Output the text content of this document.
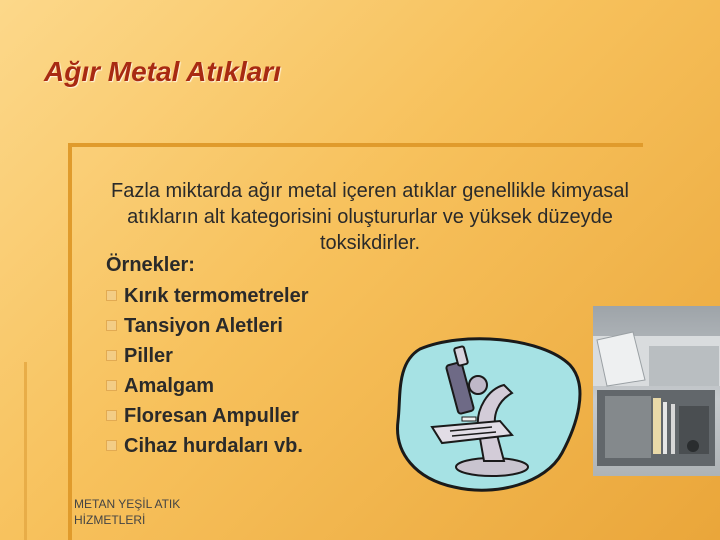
Ağır Metal Atıkları

Fazla miktarda ağır metal içeren atıklar genellikle kimyasal
atıkların alt kategorisini oluştururlar ve yüksek düzeyde
toksikdirler.

Örnekler:
Kırık termometreler
Tansiyon Aletleri
Piller
Amalgam
Floresan Ampuller
Cihaz hurdaları vb.
METAN YEŞİL ATIK
HİZMETLERİ
